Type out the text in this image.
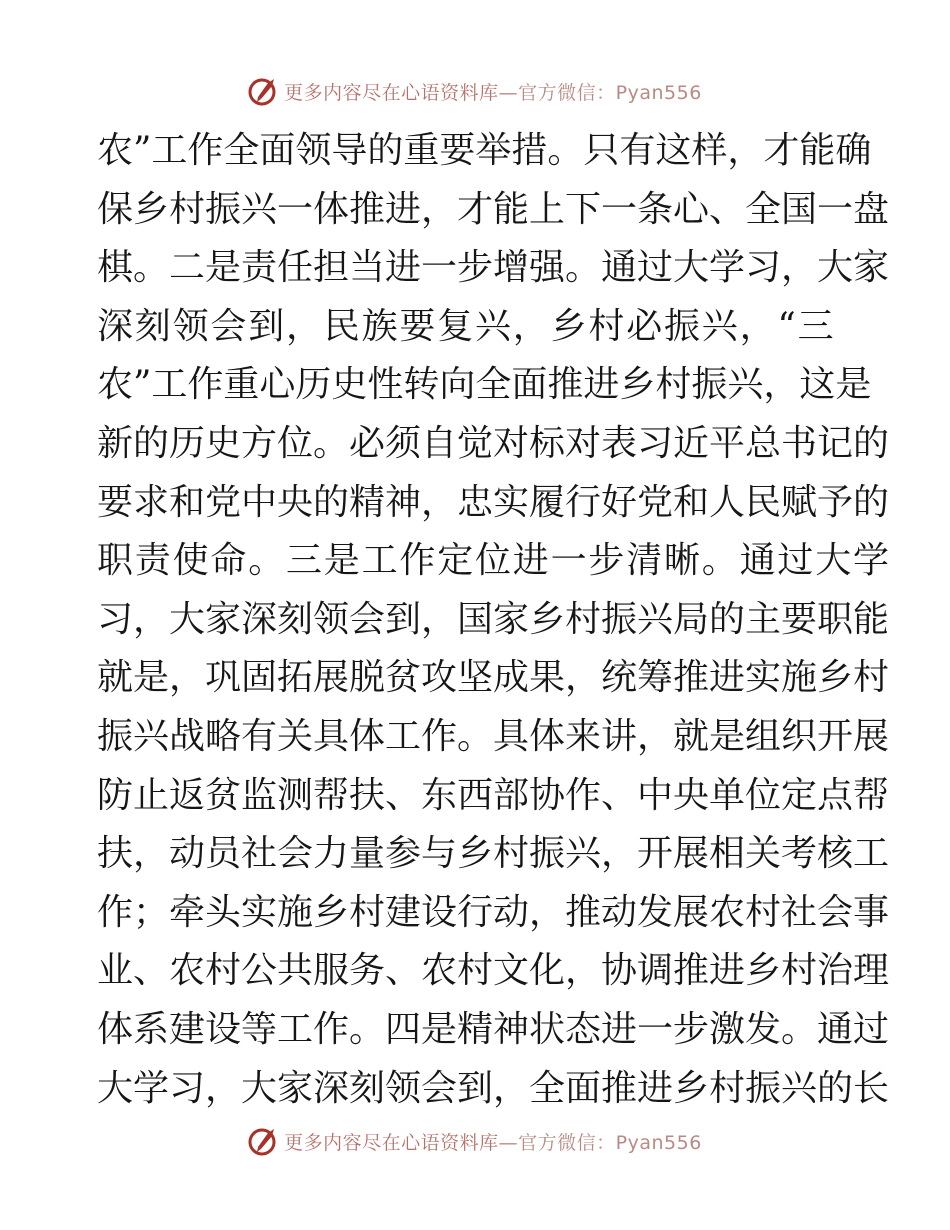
更多内容尽在心语资料库—官方微信：Pyan556
农”工作全面领导的重要举措。只有这样，才能确
保乡村振兴一体推进，才能上下一条心、全国一盘
棋。二是责任担当进一步增强。通过大学习，大家
深刻领会到，民族要复兴，乡村必振兴，“三
农”工作重心历史性转向全面推进乡村振兴，这是
新的历史方位。必须自觉对标对表习近平总书记的
要求和党中央的精神，忠实履行好党和人民赋予的
职责使命。三是工作定位进一步清晰。通过大学
习，大家深刻领会到，国家乡村振兴局的主要职能
就是，巩固拓展脱贫攻坚成果，统筹推进实施乡村
振兴战略有关具体工作。具体来讲，就是组织开展
防止返贫监测帮扶、东西部协作、中央单位定点帮
扶，动员社会力量参与乡村振兴，开展相关考核工
作；牵头实施乡村建设行动，推动发展农村社会事
业、农村公共服务、农村文化，协调推进乡村治理
体系建设等工作。四是精神状态进一步激发。通过
大学习，大家深刻领会到，全面推进乡村振兴的长
更多内容尽在心语资料库—官方微信：Pyan556
